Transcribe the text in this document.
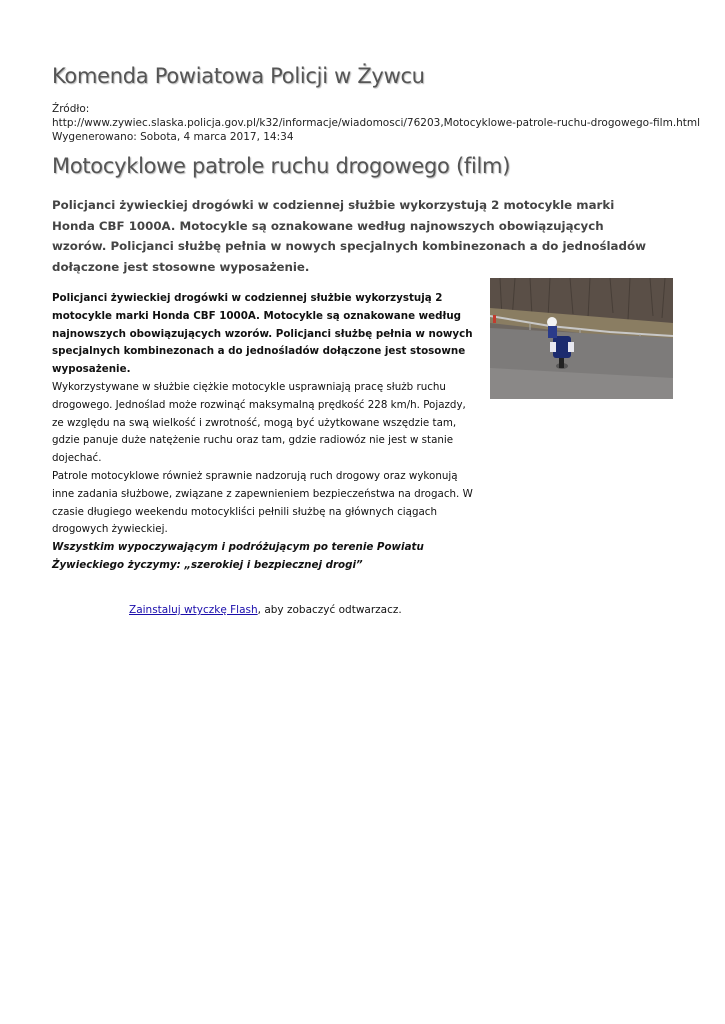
Komenda Powiatowa Policji w Żywcu
Źródło:
http://www.zywiec.slaska.policja.gov.pl/k32/informacje/wiadomosci/76203,Motocyklowe-patrole-ruchu-drogowego-film.html
Wygenerowano: Sobota, 4 marca 2017, 14:34
Motocyklowe patrole ruchu drogowego (film)

Policjanci żywieckiej drogówki w codziennej służbie wykorzystują 2 motocykle marki Honda CBF 1000A. Motocykle są oznakowane według najnowszych obowiązujących wzorów. Policjanci służbę pełnia w nowych specjalnych kombinezonach a do jednośladów dołączone jest stosowne wyposażenie.

Policjanci żywieckiej drogówki w codziennej służbie wykorzystują 2 motocykle marki Honda CBF 1000A. Motocykle są oznakowane według najnowszych obowiązujących wzorów. Policjanci służbę pełnia w nowych specjalnych kombinezonach a do jednośladów dołączone jest stosowne wyposażenie.

Wykorzystywane w służbie ciężkie motocykle usprawniają pracę służb ruchu drogowego. Jednoślad może rozwinąć maksymalną prędkość 228 km/h. Pojazdy, ze względu na swą wielkość i zwrotność, mogą być użytkowane wszędzie tam, gdzie panuje duże natężenie ruchu oraz tam, gdzie radiowóz nie jest w stanie dojechać.

Patrole motocyklowe również sprawnie nadzorują ruch drogowy oraz wykonują inne zadania służbowe, związane z zapewnieniem bezpieczeństwa na drogach. W czasie długiego weekendu motocykliści pełnili służbę na głównych ciągach drogowych żywieckiej.

Wszystkim wypoczywającym i podróżującym po terenie Powiatu Żywieckiego życzymy: „szerokiej i bezpiecznej drogi”

Zainstaluj wtyczkę Flash, aby zobaczyć odtwarzacz.
